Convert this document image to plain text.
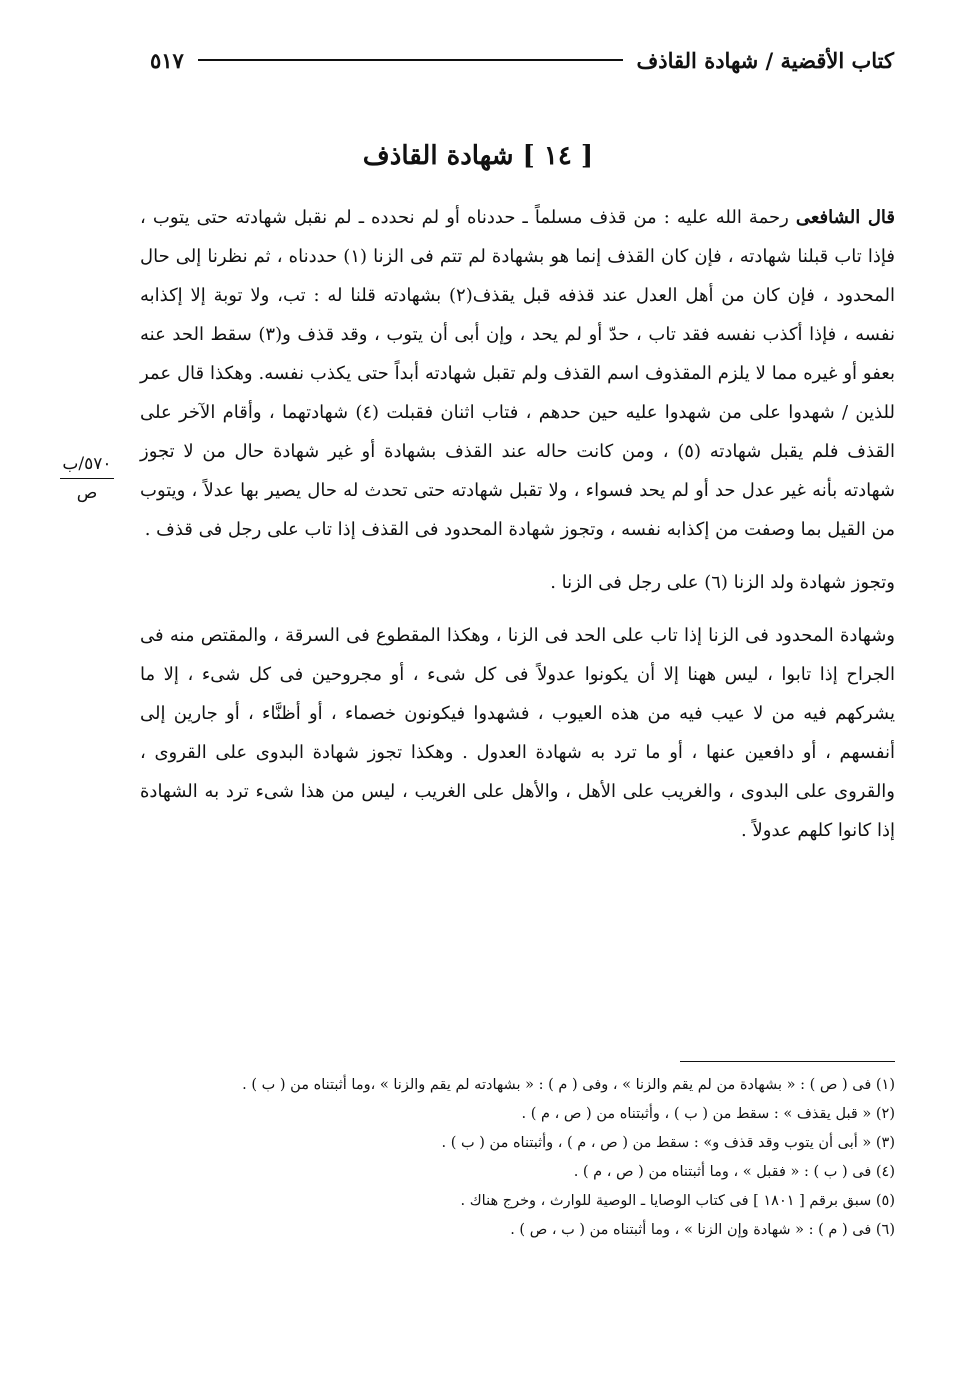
كتاب الأقضية / شهادة القاذف
٥١٧
[ ١٤ ] شهادة القاذف

قال الشافعى رحمة الله عليه : من قذف مسلماً ـ حددناه أو لم نحدده ـ لم نقبل شهادته حتى يتوب ، فإذا تاب قبلنا شهادته ، فإن كان القذف إنما هو بشهادة لم تتم فى الزنا (١) حددناه ، ثم نظرنا إلى حال المحدود ، فإن كان من أهل العدل عند قذفه قبل يقذف(٢) بشهادته قلنا له : تب، ولا توبة إلا إكذابه نفسه ، فإذا أكذب نفسه فقد تاب ، حدّ أو لم يحد ، وإن أبى أن يتوب ، وقد قذف و(٣) سقط الحد عنه بعفو أو غيره مما لا يلزم المقذوف اسم القذف ولم تقبل شهادته أبداً حتى يكذب نفسه. وهكذا قال عمر للذين / شهدوا على من شهدوا عليه حين حدهم ، فتاب اثنان فقبلت (٤) شهادتهما ، وأقام الآخر على القذف فلم يقبل شهادته (٥) ، ومن كانت حاله عند القذف بشهادة أو غير شهادة حال من لا تجوز شهادته بأنه غير عدل حد أو لم يحد فسواء ، ولا تقبل شهادته حتى تحدث له حال يصير بها عدلاً ، ويتوب من القيل بما وصفت من إكذابه نفسه ، وتجوز شهادة المحدود فى القذف إذا تاب على رجل فى قذف .

وتجوز شهادة ولد الزنا (٦) على رجل فى الزنا .

وشهادة المحدود فى الزنا إذا تاب على الحد فى الزنا ، وهكذا المقطوع فى السرقة ، والمقتص منه فى الجراح إذا تابوا ، ليس ههنا إلا أن يكونوا عدولاً فى كل شىء ، أو مجروحين فى كل شىء ، إلا ما يشركهم فيه من لا عيب فيه من هذه العيوب ، فشهدوا فيكونون خصماء ، أو أظنَّاء ، أو جارين إلى أنفسهم ، أو دافعين عنها ، أو ما ترد به شهادة العدول . وهكذا تجوز شهادة البدوى على القروى ، والقروى على البدوى ، والغريب على الأهل ، والأهل على الغريب ، ليس من هذا شىء ترد به الشهادة إذا كانوا كلهم عدولاً .

٥٧٠/ب
ص
(١) فى ( ص ) : « بشهادة من لم يقم والزنا » ، وفى ( م ) : « بشهادته لم يقم والزنا » ،وما أثبتناه من ( ب ) .
(٢) « قبل يقذف » : سقط من ( ب ) ، وأثبتناه من ( ص ، م ) .
(٣) « أبى أن يتوب وقد قذف و» : سقط من ( ص ، م ) ، وأثبتناه من ( ب ) .
(٤) فى ( ب ) : « فقبل » ، وما أثبتناه من ( ص ، م ) .
(٥) سبق برقم [ ١٨٠١ ] فى كتاب الوصايا ـ الوصية للوارث ، وخرج هناك .
(٦) فى ( م ) : « شهادة وإن الزنا » ، وما أثبتناه من ( ب ، ص ) .
